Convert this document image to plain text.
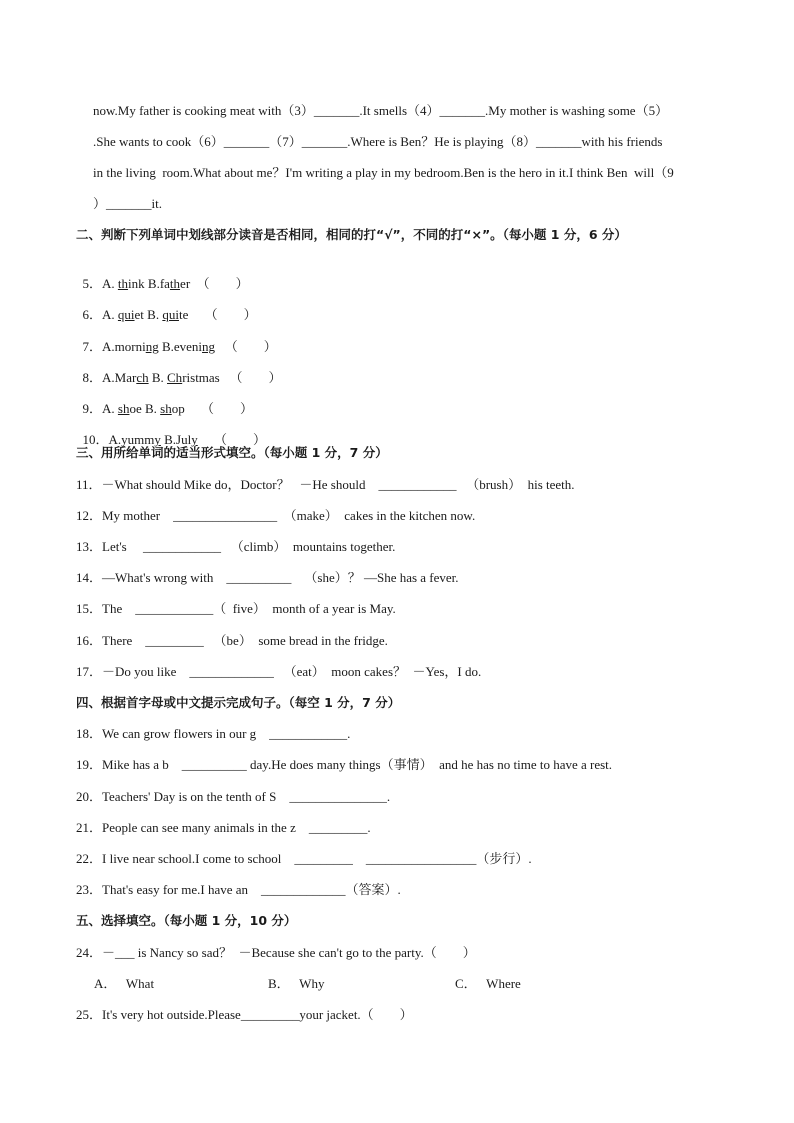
now.My father is cooking meat with（3）_______.It smells（4）_______.My mother is washing some（5）
.She wants to cook（6）_______（7）_______.Where is Ben？He is playing（8）_______with his friends
in the living  room.What about me？I'm writing a play in my bedroom.Ben is the hero in it.I think Ben  will（9
）_______it.
二、判断下列单词中划线部分读音是否相同，相同的打“√”，不同的打“×”。（每小题 1 分，6 分）

5．A. think B.father  （        ）

6．A. quiet B. quite     （        ）

7．A.morning B.evening   （        ）

8．A.March B. Christmas   （        ）

9．A. shoe B. shop     （        ）

10．A.yummy B.July     （        ）

三、用所给单词的适当形式填空。（每小题 1 分，7 分）
11．－What should Mike do，Doctor？   －He should    ____________   （brush）  his teeth.
12．My mother    ________________  （make）  cakes in the kitchen now.
13．Let's     ____________   （climb）  mountains together.
14．—What's wrong with    __________    （she）？ —She has a fever.
15．The    ____________（  five）  month of a year is May.
16．There    _________   （be）  some bread in the fridge.
17．－Do you like    _____________   （eat）  moon cakes？  －Yes，I do.
四、根据首字母或中文提示完成句子。（每空 1 分，7 分）
18．We can grow flowers in our g    ____________.
19．Mike has a b    __________ day.He does many things（事情）  and he has no time to have a rest.
20．Teachers' Day is on the tenth of S    _______________.
21．People can see many animals in the z    _________.
22．I live near school.I come to school    _________    _________________（步行）.
23．That's easy for me.I have an    _____________（答案）.
五、选择填空。（每小题 1 分，10 分）
24．－___ is Nancy so sad？  －Because she can't go to the party.（        ）
A．   What	B．   Why	C．   Where
25．It's very hot outside.Please_________your jacket.（        ）
